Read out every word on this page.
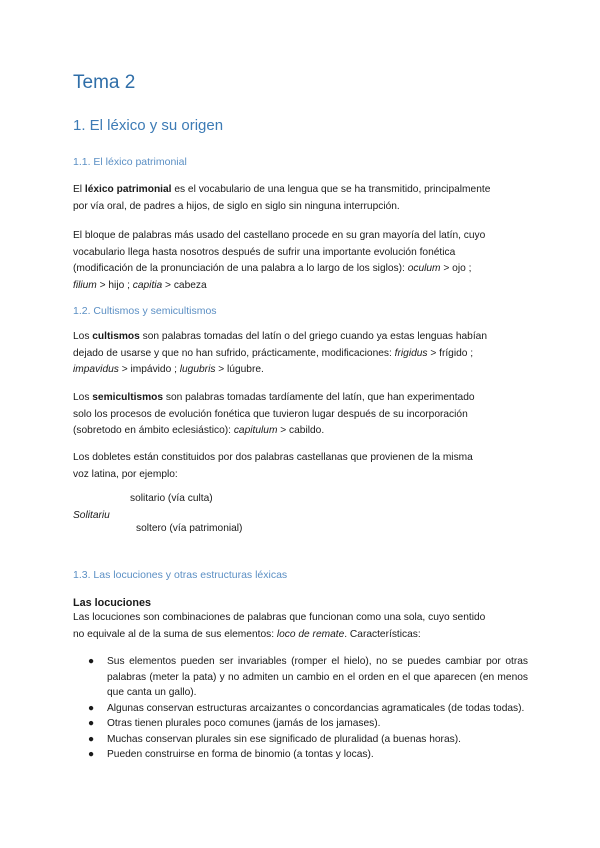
Tema 2
1. El léxico y su origen
1.1. El léxico patrimonial
El léxico patrimonial es el vocabulario de una lengua que se ha transmitido, principalmente
por vía oral, de padres a hijos, de siglo en siglo sin ninguna interrupción.
El bloque de palabras más usado del castellano procede en su gran mayoría del latín, cuyo
vocabulario llega hasta nosotros después de sufrir una importante evolución fonética
(modificación de la pronunciación de una palabra a lo largo de los siglos): oculum > ojo ;
filium > hijo ; capitia > cabeza
1.2. Cultismos y semicultismos
Los cultismos son palabras tomadas del latín o del griego cuando ya estas lenguas habían
dejado de usarse y que no han sufrido, prácticamente, modificaciones: frigidus > frígido ;
impavidus > impávido ; lugubris > lúgubre.
Los semicultismos son palabras tomadas tardíamente del latín, que han experimentado
solo los procesos de evolución fonética que tuvieron lugar después de su incorporación
(sobretodo en ámbito eclesiástico): capitulum > cabildo.
Los dobletes están constituidos por dos palabras castellanas que provienen de la misma
voz latina, por ejemplo:
solitario (vía culta)
Solitariu
soltero (vía patrimonial)
1.3. Las locuciones y otras estructuras léxicas
Las locuciones
Las locuciones son combinaciones de palabras que funcionan como una sola, cuyo sentido
no equivale al de la suma de sus elementos: loco de remate. Características:
● Sus elementos pueden ser invariables (romper el hielo), no se puedes cambiar por otras palabras (meter la pata) y no admiten un cambio en el orden en el que aparecen (en menos que canta un gallo).
● Algunas conservan estructuras arcaizantes o concordancias agramaticales (de todas todas).
● Otras tienen plurales poco comunes (jamás de los jamases).
● Muchas conservan plurales sin ese significado de pluralidad (a buenas horas).
● Pueden construirse en forma de binomio (a tontas y locas).
